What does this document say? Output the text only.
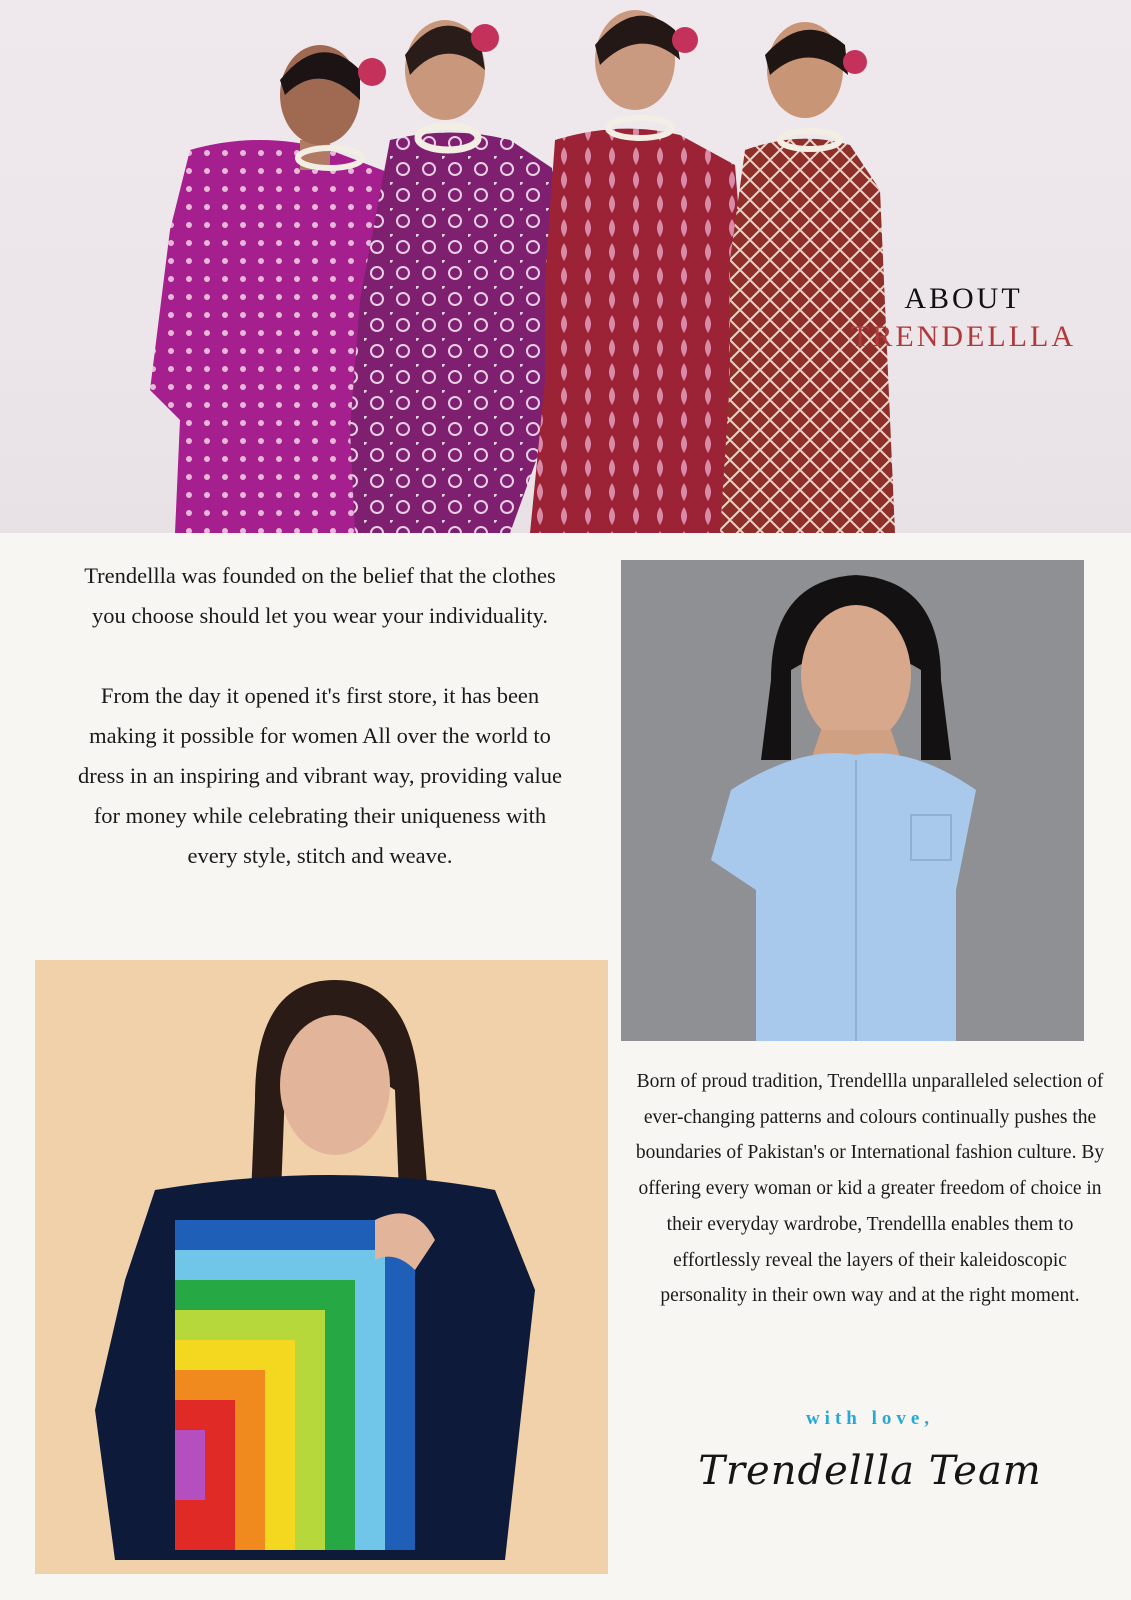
ABOUT
TRENDELLLA

Trendellla was founded on the belief that the clothes you choose should let you wear your individuality.

From the day it opened it's first store, it has been making it possible for women All over the world to dress in an inspiring and vibrant way, providing value for money while celebrating their uniqueness with every style, stitch and weave.

Born of proud tradition, Trendellla unparalleled selection of ever-changing patterns and colours continually pushes the boundaries of Pakistan's or International fashion culture. By offering every woman or kid a greater freedom of choice in their everyday wardrobe, Trendellla enables them to effortlessly reveal the layers of their kaleidoscopic personality in their own way and at the right moment.
with love,
Trendellla Team
